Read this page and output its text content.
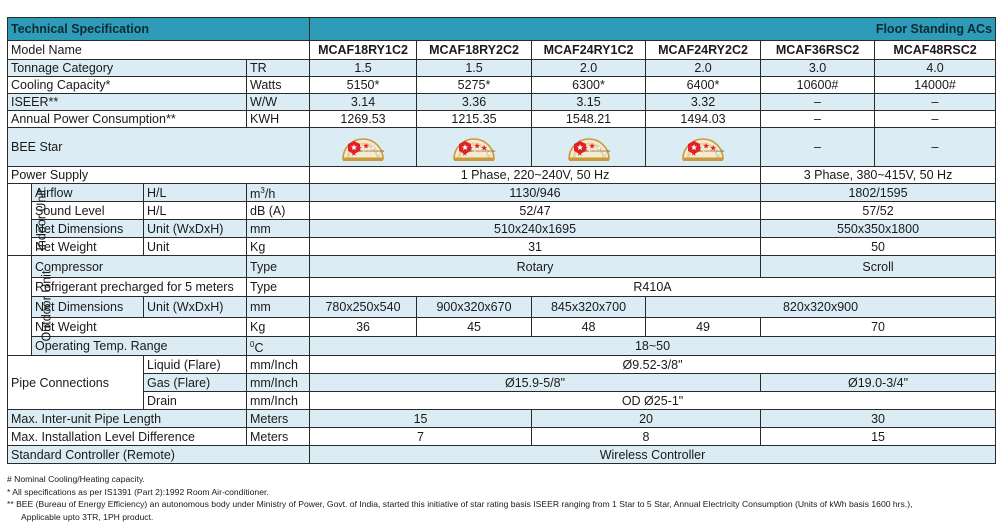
Technical Specification				Floor Standing ACs					
Model Name				MCAF18RY1C2	MCAF18RY2C2	MCAF24RY1C2	MCAF24RY2C2	MCAF36RSC2	MCAF48RSC2
Tonnage Category			TR	1.5	1.5	2.0	2.0	3.0	4.0
Cooling Capacity*			Watts	5150*	5275*	6300*	6400*	10600#	14000#
ISEER**			W/W	3.14	3.36	3.15	3.32	–	–
Annual Power Consumption**			KWH	1269.53	1215.35	1548.21	1494.03	–	–
BEE Star				POWER SAVINGS GUIDE	POWER SAVINGS GUIDE	POWER SAVINGS GUIDE	POWER SAVINGS GUIDE	–	–
Power Supply				1 Phase, 220~240V, 50 Hz				3 Phase, 380~415V, 50 Hz	
Indoor Unit	Airflow	H/L	$m^3/h$	1130/946				1802/1595	
	Sound Level	H/L	dB (A)	52/47				57/52	
	Net Dimensions	Unit (WxDxH)	mm	510x240x1695				550x350x1800	
	Net Weight	Unit	Kg	31				50	
Outdoor Unit	Compressor		Type	Rotary				Scroll	
	Refrigerant precharged for 5 meters		Type	R410A					
	Net Dimensions	Unit (WxDxH)	mm	780x250x540	900x320x670	845x320x700	820x320x900		
	Net Weight		Kg	36	45	48	49	70	
	Operating Temp. Range		$^0$C	18~50					
Pipe Connections		Liquid (Flare)	mm/Inch	Ø9.52-3/8"					
		Gas (Flare)	mm/Inch	Ø15.9-5/8"				Ø19.0-3/4"	
		Drain	mm/Inch	OD Ø25-1"					
Max. Inter-unit Pipe Length			Meters	15		20		30	
Max. Installation Level Difference			Meters	7		8		15	
Standard Controller (Remote)				Wireless Controller					
# Nominal Cooling/Heating capacity.
* All specifications as per IS1391 (Part 2):1992 Room Air-conditioner.
** BEE (Bureau of Energy Efficiency) an autonomous body under Ministry of Power, Govt. of India, started this initiative of star rating basis ISEER ranging from 1 Star to 5 Star, Annual Electricity Consumption (Units of kWh basis 1600 hrs.),
Applicable upto 3TR, 1PH product.
